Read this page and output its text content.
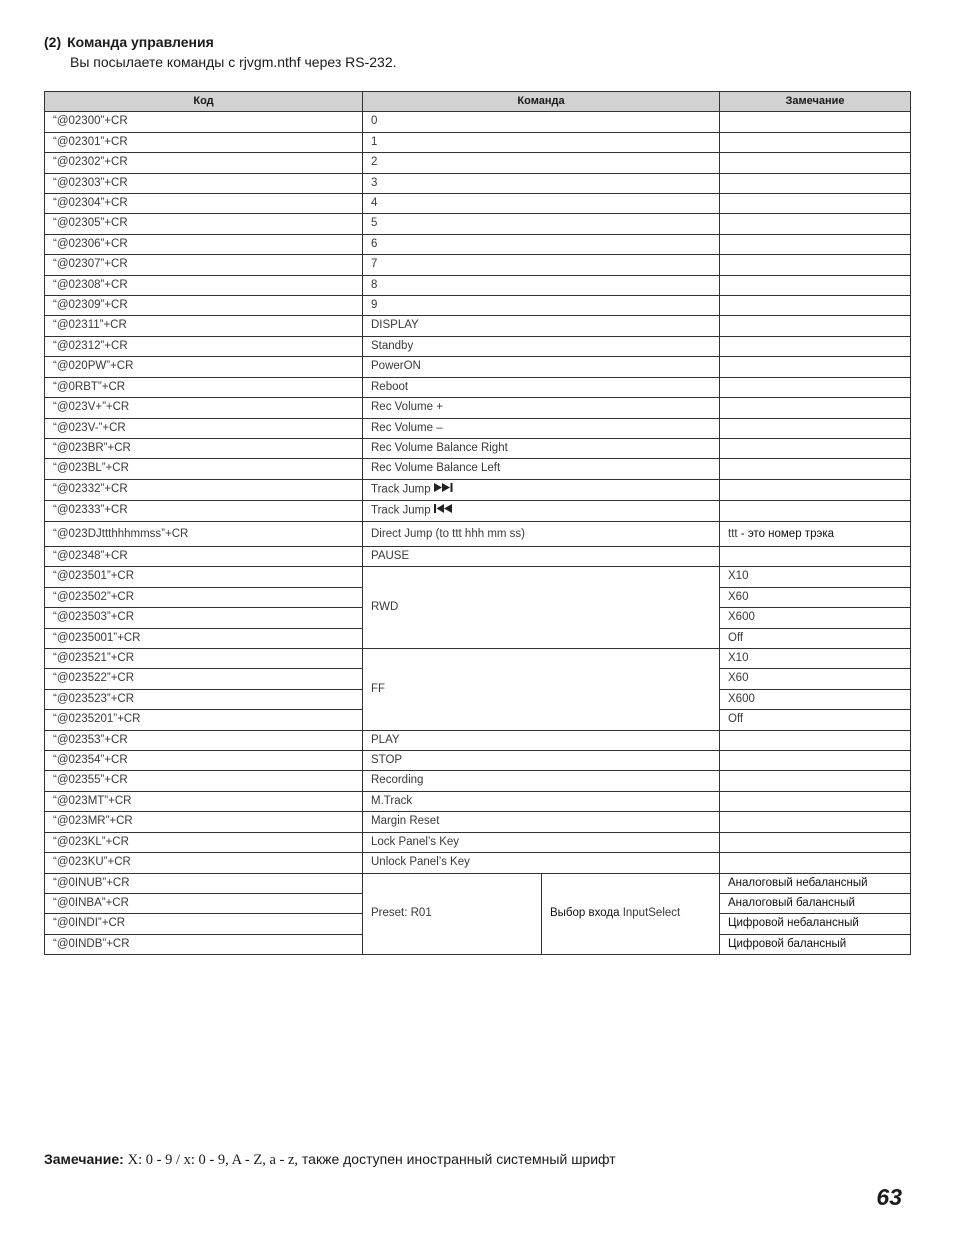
(2) Команда управления
Вы посылаете команды с rjvgm.nthf через RS-232.
Код	Команда		Замечание
“@02300”+CR	0		
“@02301”+CR	1		
“@02302”+CR	2		
“@02303”+CR	3		
“@02304”+CR	4		
“@02305”+CR	5		
“@02306”+CR	6		
“@02307”+CR	7		
“@02308”+CR	8		
“@02309”+CR	9		
“@02311”+CR	DISPLAY		
“@02312”+CR	Standby		
“@020PW”+CR	PowerON		
“@0RBT”+CR	Reboot		
“@023V+”+CR	Rec Volume +		
“@023V-”+CR	Rec Volume –		
“@023BR”+CR	Rec Volume Balance Right		
“@023BL”+CR	Rec Volume Balance Left		
“@02332”+CR	Track Jump		
“@02333”+CR	Track Jump		
“@023DJttthhhmmss”+CR	Direct Jump (to ttt hhh mm ss)		ttt - это номер трэка
“@02348”+CR	PAUSE		
“@023501”+CR	RWD		X10
“@023502”+CR			X60
“@023503”+CR			X600
“@0235001”+CR			Off
“@023521”+CR	FF		X10
“@023522”+CR			X60
“@023523”+CR			X600
“@0235201”+CR			Off
“@02353”+CR	PLAY		
“@02354”+CR	STOP		
“@02355”+CR	Recording		
“@023MT”+CR	M.Track		
“@023MR”+CR	Margin Reset		
“@023KL”+CR	Lock Panel’s Key		
“@023KU”+CR	Unlock Panel’s Key		
“@0INUB”+CR	Preset: R01	Выбор входа InputSelect	Аналоговый небалансный
“@0INBA”+CR			Аналоговый балансный
“@0INDI”+CR			Цифровой небалансный
“@0INDB”+CR			Цифровой балансный
Замечание: X: 0 - 9 / x: 0 - 9, A - Z, a - z, также доступен иностранный системный шрифт
63
